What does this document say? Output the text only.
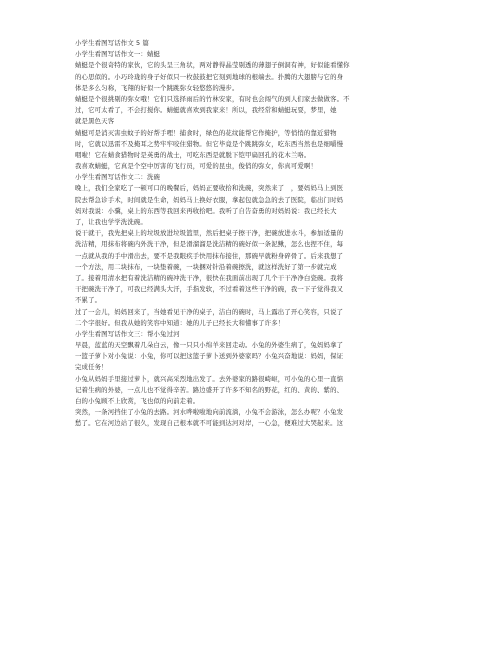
小学生看图写话作文 5 篇
小学生看图写话作文一：蜻蜓
蜻蜓是个很奇特的家伙，它的头呈三角状，两对静得晶莹剔透的薄翅子倒洞有神，好似能看懂你
的心思似的。小巧玲珑的身子好似只一枚鼓鼓把它刻到地球的根端去。扑腾的大翅膀与它的身
体是多么匀称，飞翔的好似一个跳跳弥女轻悠悠的漫步。
蜻蜓是个很挑剔的弥女哦！它们只选择雨后的竹林安家，有时也会闯气的到人们家去做做客。不
过，它可太看了，不会打搅你。蜻蜓就喜欢到我家来！所以，我经常和蜻蜓玩耍，梦里，她
就是黑色天客
蜻蜓可是消灭害虫蚊子的好帮手哩！捕食时，绿色的花纹能帮它作掩护，等悄悄的靠近猎物
时，它就以迅雷不及掩耳之势牢牢咬住猎物。但它毕竟是个跳跳弥女，吃东西当然也是细嚼慢
咽啦！它在蜻食猎物时是英勇的战士，可吃东西是就脱下铠甲扁回孔的花木兰咯。
我喜欢蜻蜓，它真是个空中厉害的飞行员，可爱的昆虫，俊俏的弥女，你真可爱啊！
小学生看图写话作文二：洗碗
晚上，我们全家吃了一顿可口的晚餐后，妈妈正要收拾和洗碗，突然来了　，要妈妈马上到医
院去帮急诊手术，时间就是生命，妈妈马上换好衣服，拿起包就急急的去了医院，临出门时妈
妈对我说：小骥，桌上的东西等我回来再收拾吧。我听了自告奋勇的对妈妈说：我已经长大
了，让我也学学洗洗碗。
说干就干，我先把桌上的垃圾放进垃圾篮里，然后把桌子擦干净，把碗放进水斗，参加适量的
洗洁精，用抹布将碗内外洗干净，但是滑溜溜是洗洁精的碗好似一条泥鳅，怎么也捏不住，每
一点就从我的手中滑出去，要不是我眼疾手快用抹布接住，那碗早就粉身碎骨了。后来我想了
一个方法，用二块抹布，一块垫着碗，一块捆对针沿着碗擦洗，就这样洗好了第一步就完成
了。接着用清水把有着洗洁精的碗冲洗干净，很快在我面前出现了几个干干净净白瓷碗。我将
干把碗洗干净了，可我已经满头大汗，手指发软，不过看着这些干净的碗，我一下子觉得我又
不累了。
过了一会儿，妈妈回来了，当她看见干净的桌子，洁白的碗时，马上露出了开心笑容，只说了
二个字很好。但我从她的笑容中知道：她的儿子已经长大和懂事了许多！
小学生看图写话作文三：帮小兔过河
早晨，蓝蓝的天空飘着几朵白云，像一只只小绵羊来回走动。小兔的外婆生病了，兔妈妈拿了
一篮子萝卜对小兔说：小兔，你可以把这篮子萝卜送到外婆家吗？小兔兴奋地说：妈妈，保证
完成任务！
小兔从妈妈手里接过萝卜，就兴高采烈地出发了。去外婆家的路很崎岖，可小兔的心里一直惦
记着生病的外婆，一点儿也不觉得辛苦。路边盛开了许多不知名的野花，红的、黄的、紫的、
白的小兔顾不上欣赏，飞也似的向前走着。
突然，一条河挡住了小兔的去路。河水哗啦啦地向前流淌，小兔不会游泳，怎么办呢？小兔发
愁了。它在河边站了很久，发现自己根本就不可能到达河对岸，一心急，便难过大哭起来。这
